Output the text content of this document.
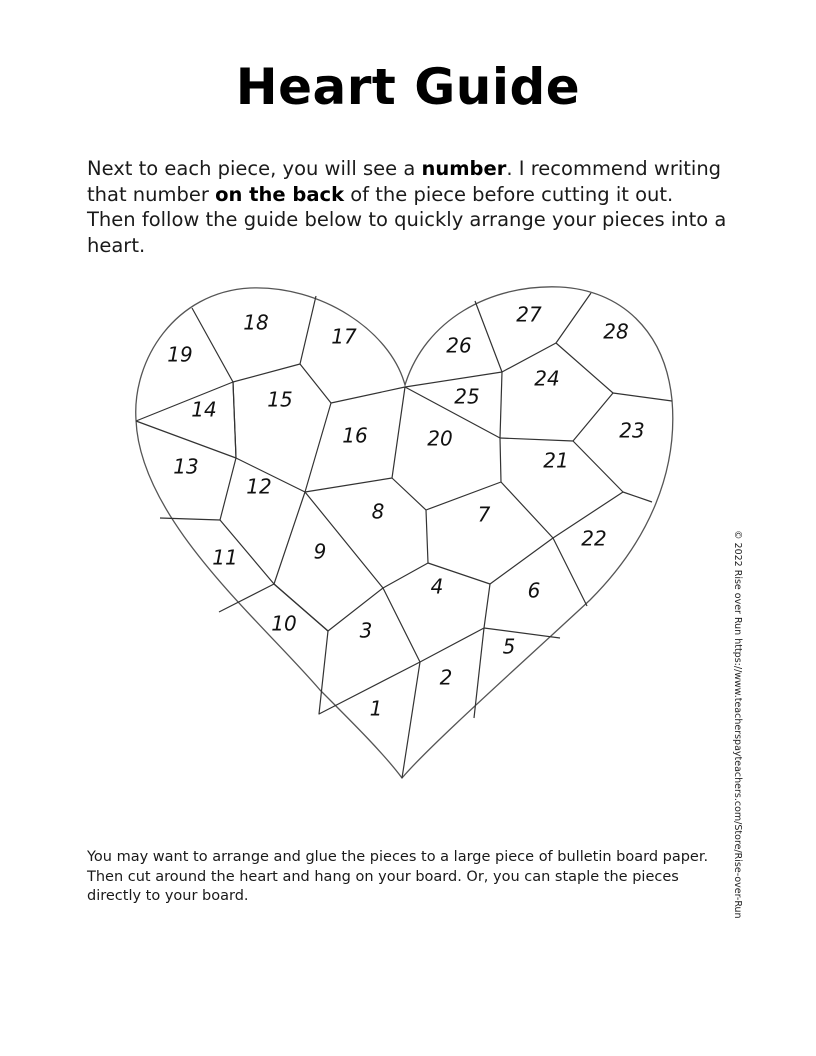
Heart Guide

Next to each piece, you will see a number. I recommend writing that number on the back of the piece before cutting it out. Then follow the guide below to quickly arrange your pieces into a heart.

1
2
3
4
5
6
7
8
9
10
11
12
13
14	15
16
17
18
19
20
21
22
23
24
25
26
27
28

You may want to arrange and glue the pieces to a large piece of bulletin board paper. Then cut around the heart and hang on your board. Or, you can staple the pieces directly to your board.	© 2022 Rise over Run https://www.teacherspayteachers.com/Store/Rise-over-Run
